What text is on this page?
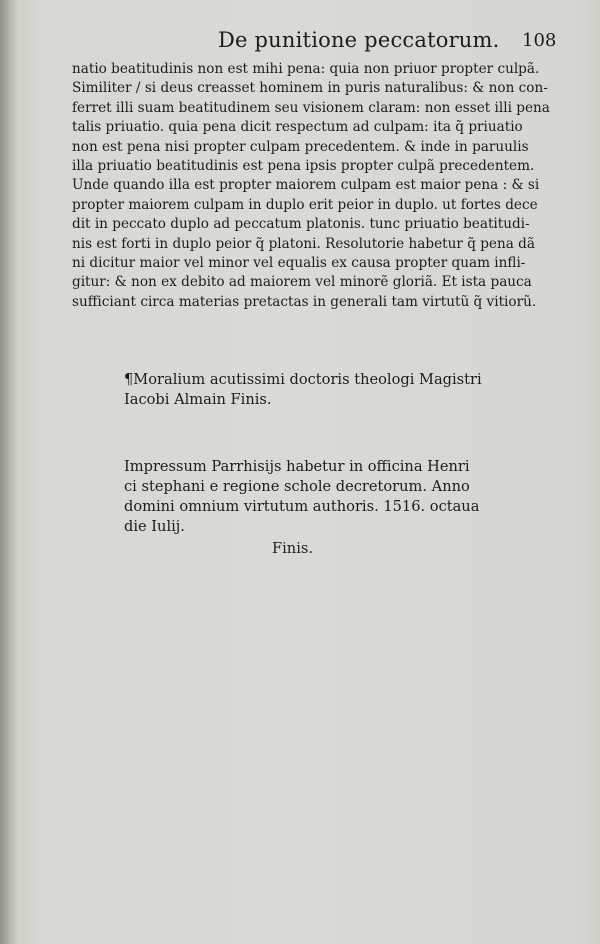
De punitione peccatorum. 108
natio beatitudinis non est mihi pena: quia non priuor propter culpã.
Similiter / si deus creasset hominem in puris naturalibus: & non con-
ferret illi suam beatitudinem seu visionem claram: non esset illi pena
talis priuatio. quia pena dicit respectum ad culpam: ita q̃ priuatio
non est pena nisi propter culpam precedentem. & inde in paruulis
illa priuatio beatitudinis est pena ipsis propter culpã precedentem.
Unde quando illa est propter maiorem culpam est maior pena : & si
propter maiorem culpam in duplo erit peior in duplo. ut fortes dece
dit in peccato duplo ad peccatum platonis. tunc priuatio beatitudi-
nis est forti in duplo peior q̃ platoni. Resolutorie habetur q̃ pena dã
ni dicitur maior vel minor vel equalis ex causa propter quam infli-
gitur: & non ex debito ad maiorem vel minorẽ gloriã. Et ista pauca
sufficiant circa materias pretactas in generali tam virtutũ q̃ vitiorũ.
¶Moralium acutissimi doctoris theologi Magistri
Iacobi Almain Finis.
Impressum Parrhisijs habetur in officina Henri
ci stephani e regione schole decretorum. Anno
domini omnium virtutum authoris. 1516. octaua
die Iulij.
Finis.
